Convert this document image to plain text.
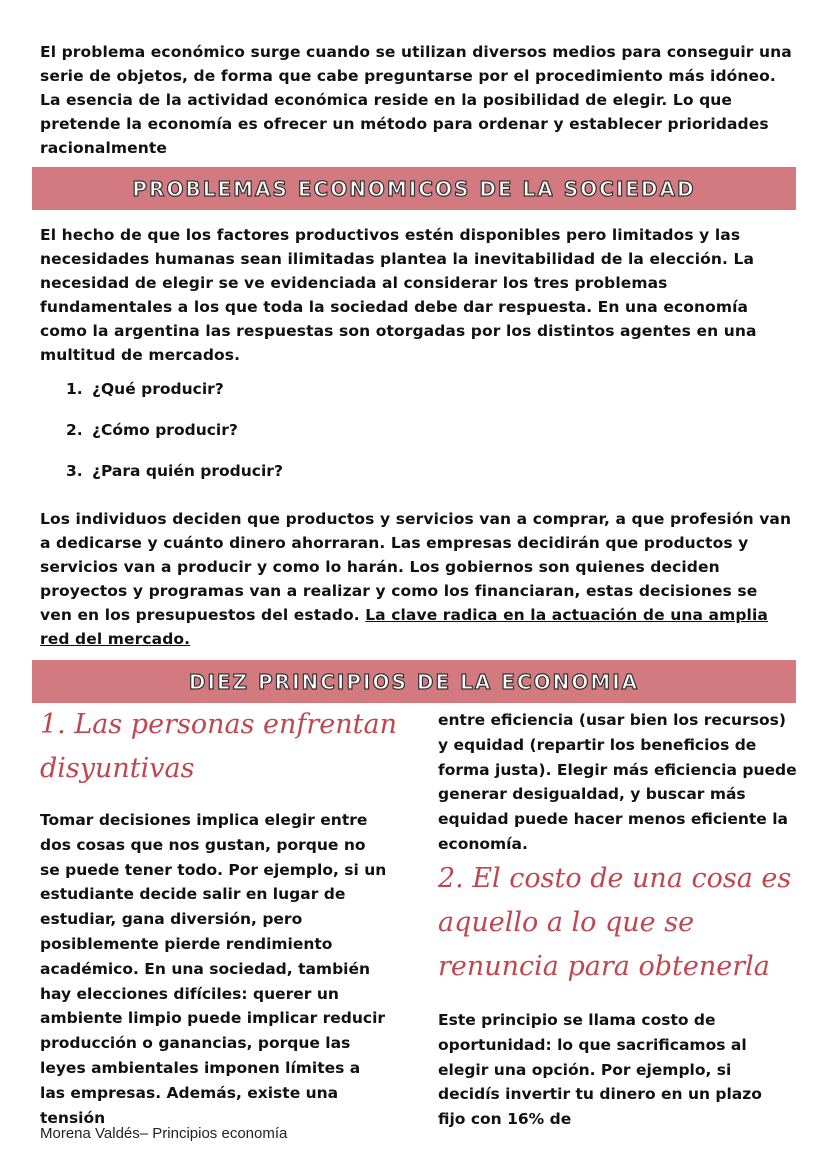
El problema económico surge cuando se utilizan diversos medios para conseguir una serie de objetos, de forma que cabe preguntarse por el procedimiento más idóneo. La esencia de la actividad económica reside en la posibilidad de elegir. Lo que pretende la economía es ofrecer un método para ordenar y establecer prioridades racionalmente

PROBLEMAS ECONOMICOS DE LA SOCIEDAD

El hecho de que los factores productivos estén disponibles pero limitados y las necesidades humanas sean ilimitadas plantea la inevitabilidad de la elección. La necesidad de elegir se ve evidenciada al considerar los tres problemas fundamentales a los que toda la sociedad debe dar respuesta. En una economía como la argentina las respuestas son otorgadas por los distintos agentes en una multitud de mercados.

1. ¿Qué producir?
2. ¿Cómo producir?
3. ¿Para quién producir?

Los individuos deciden que productos y servicios van a comprar, a que profesión van a dedicarse y cuánto dinero ahorraran. Las empresas decidirán que productos y servicios van a producir y como lo harán. Los gobiernos son quienes deciden proyectos y programas van a realizar y como los financiaran, estas decisiones se ven en los presupuestos del estado. La clave radica en la actuación de una amplia red del mercado.

DIEZ PRINCIPIOS DE LA ECONOMIA
1. Las personas enfrentan disyuntivas

Tomar decisiones implica elegir entre dos cosas que nos gustan, porque no se puede tener todo. Por ejemplo, si un estudiante decide salir en lugar de estudiar, gana diversión, pero posiblemente pierde rendimiento académico. En una sociedad, también hay elecciones difíciles: querer un ambiente limpio puede implicar reducir producción o ganancias, porque las leyes ambientales imponen límites a las empresas. Además, existe una tensión

entre eficiencia (usar bien los recursos) y equidad (repartir los beneficios de forma justa). Elegir más eficiencia puede generar desigualdad, y buscar más equidad puede hacer menos eficiente la economía.

2. El costo de una cosa es aquello a lo que se renuncia para obtenerla

Este principio se llama costo de oportunidad: lo que sacrificamos al elegir una opción. Por ejemplo, si decidís invertir tu dinero en un plazo fijo con 16% de

Morena Valdés– Principios economía
